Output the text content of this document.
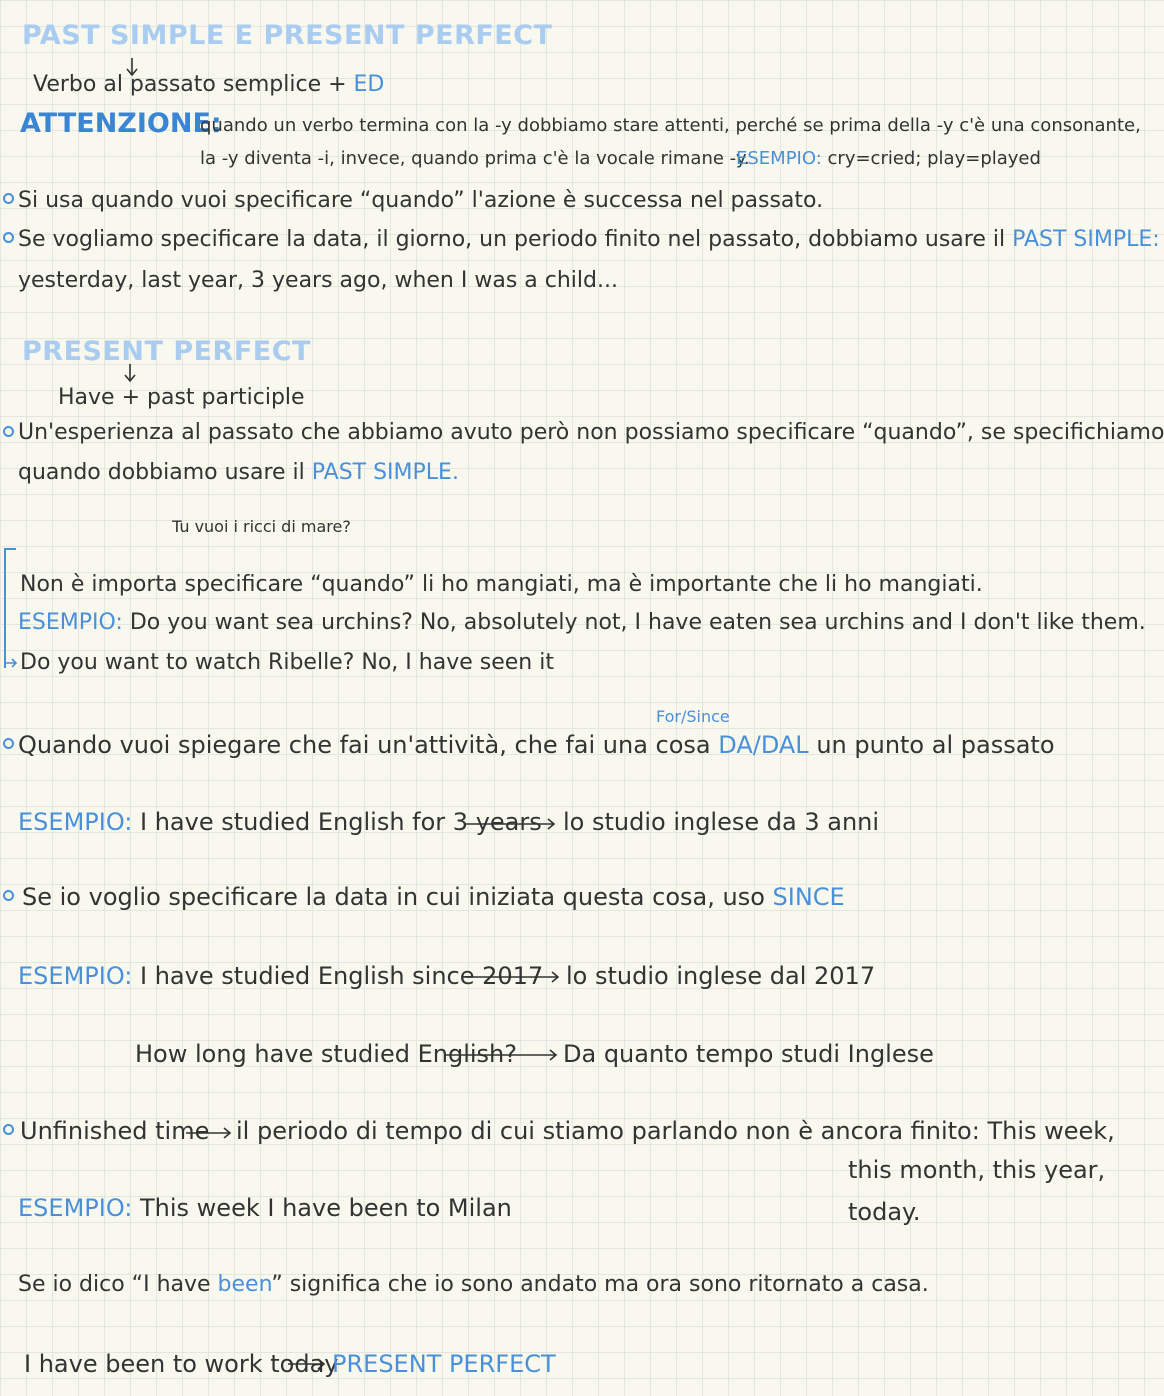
PAST SIMPLE E PRESENT PERFECT
Verbo al passato semplice + ED
ATTENZIONE:
quando un verbo termina con la -y dobbiamo stare attenti, perché se prima della -y c'è una consonante,
la -y diventa -i, invece, quando prima c'è la vocale rimane -y.
ESEMPIO: cry=cried; play=played
Si usa quando vuoi specificare “quando” l'azione è successa nel passato.
Se vogliamo specificare la data, il giorno, un periodo finito nel passato, dobbiamo usare il PAST SIMPLE:
yesterday, last year, 3 years ago, when I was a child...
PRESENT PERFECT
Have + past participle
Un'esperienza al passato che abbiamo avuto però non possiamo specificare “quando”, se specifichiamo
quando dobbiamo usare il PAST SIMPLE.
Tu vuoi i ricci di mare?
Non è importa specificare “quando” li ho mangiati, ma è importante che li ho mangiati.
ESEMPIO: Do you want sea urchins? No, absolutely not, I have eaten sea urchins and I don't like them.
Do you want to watch Ribelle? No, I have seen it
For/Since
Quando vuoi spiegare che fai un'attività, che fai una cosa DA/DAL un punto al passato
ESEMPIO: I have studied English for 3 years lo studio inglese da 3 anni
Se io voglio specificare la data in cui iniziata questa cosa, uso SINCE
ESEMPIO: I have studied English since 2017 lo studio inglese dal 2017
How long have studied English? Da quanto tempo studi Inglese
Unfinished time il periodo di tempo di cui stiamo parlando non è ancora finito: This week,
this month, this year,
today.
ESEMPIO: This week I have been to Milan
Se io dico “I have been” significa che io sono andato ma ora sono ritornato a casa.
I have been to work today
PRESENT PERFECT
